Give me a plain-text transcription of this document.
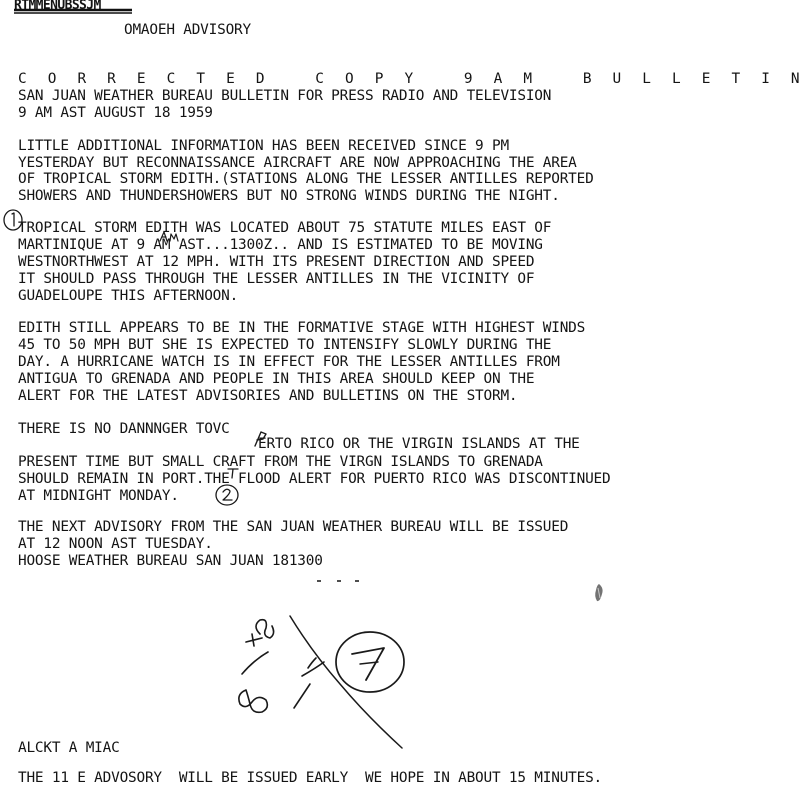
RTMMENUBSSJM
OMAOEH ADVISORY
C O R R E C T E D   C O P Y   9 A M   B U L L E T I N
SAN JUAN WEATHER BUREAU BULLETIN FOR PRESS RADIO AND TELEVISION
9 AM AST AUGUST 18 1959
LITTLE ADDITIONAL INFORMATION HAS BEEN RECEIVED SINCE 9 PM
YESTERDAY BUT RECONNAISSANCE AIRCRAFT ARE NOW APPROACHING THE AREA
OF TROPICAL STORM EDITH.(STATIONS ALONG THE LESSER ANTILLES REPORTED
SHOWERS AND THUNDERSHOWERS BUT NO STRONG WINDS DURING THE NIGHT.
TROPICAL STORM EDITH WAS LOCATED ABOUT 75 STATUTE MILES EAST OF
MARTINIQUE AT 9 AM AST...1300Z.. AND IS ESTIMATED TO BE MOVING
WESTNORTHWEST AT 12 MPH. WITH ITS PRESENT DIRECTION AND SPEED
IT SHOULD PASS THROUGH THE LESSER ANTILLES IN THE VICINITY OF
GUADELOUPE THIS AFTERNOON.
EDITH STILL APPEARS TO BE IN THE FORMATIVE STAGE WITH HIGHEST WINDS
45 TO 50 MPH BUT SHE IS EXPECTED TO INTENSIFY SLOWLY DURING THE
DAY. A HURRICANE WATCH IS IN EFFECT FOR THE LESSER ANTILLES FROM
ANTIGUA TO GRENADA AND PEOPLE IN THIS AREA SHOULD KEEP ON THE
ALERT FOR THE LATEST ADVISORIES AND BULLETINS ON THE STORM.
THERE IS NO DANNNGER TOVC
ERTO RICO OR THE VIRGIN ISLANDS AT THE
PRESENT TIME BUT SMALL CRAFT FROM THE VIRGN ISLANDS TO GRENADA
SHOULD REMAIN IN PORT.THE FLOOD ALERT FOR PUERTO RICO WAS DISCONTINUED
AT MIDNIGHT MONDAY.
THE NEXT ADVISORY FROM THE SAN JUAN WEATHER BUREAU WILL BE ISSUED
AT 12 NOON AST TUESDAY.
HOOSE WEATHER BUREAU SAN JUAN 181300
ALCKT A MIAC
THE 11 E ADVOSORY  WILL BE ISSUED EARLY  WE HOPE IN ABOUT 15 MINUTES.
